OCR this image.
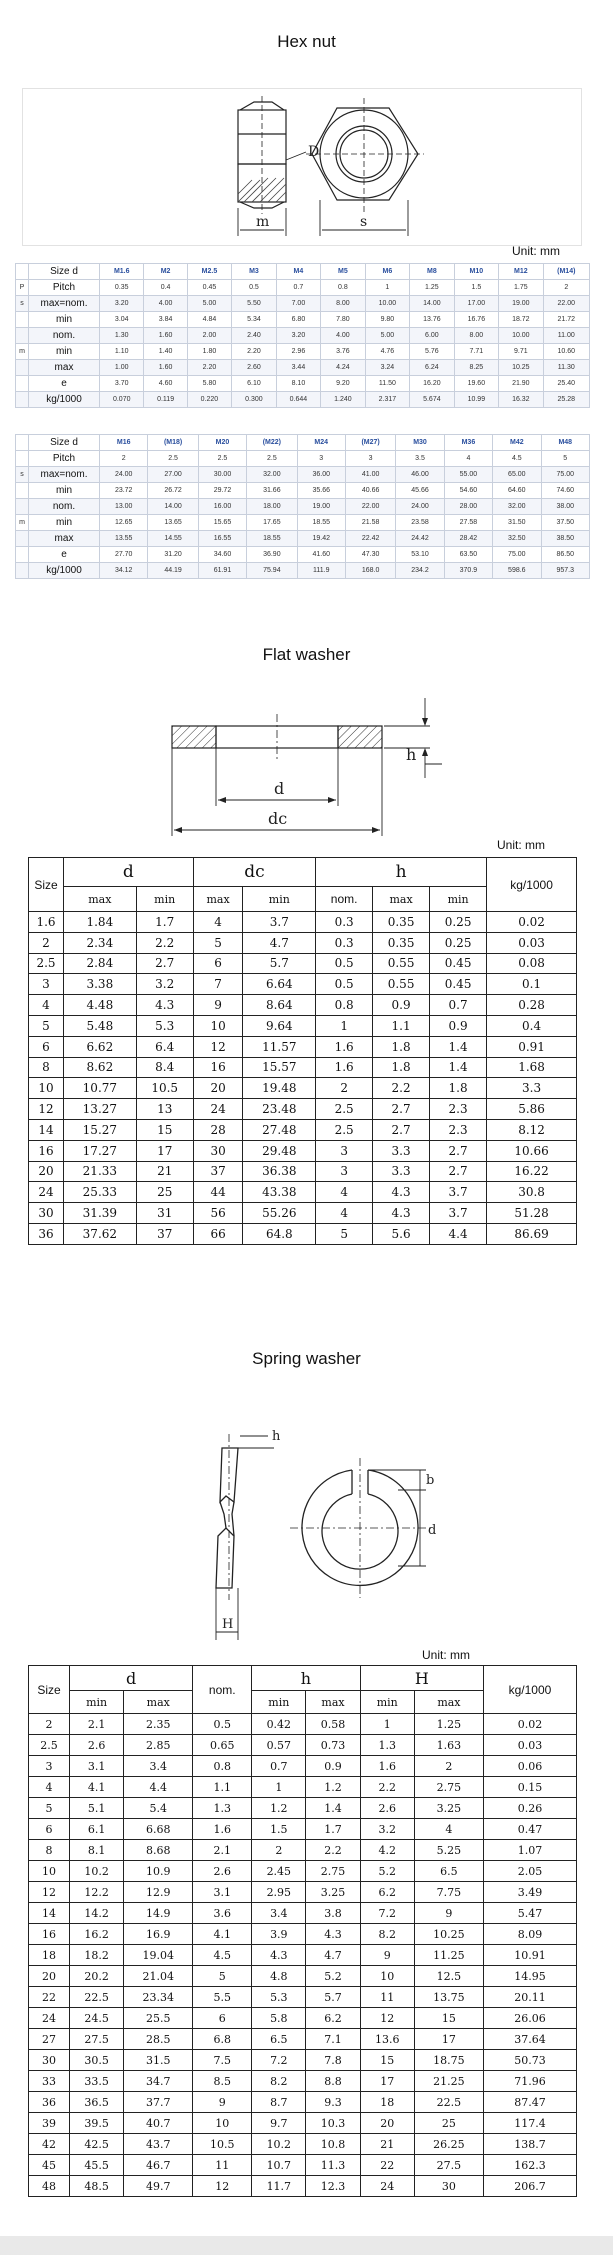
Hex nut
m
D
s
Unit: mm
	Size d	M1.6	M2	M2.5	M3	M4	M5	M6	M8	M10	M12	(M14)
P	Pitch	0.35	0.4	0.45	0.5	0.7	0.8	1	1.25	1.5	1.75	2
s	max=nom.	3.20	4.00	5.00	5.50	7.00	8.00	10.00	14.00	17.00	19.00	22.00
	min	3.04	3.84	4.84	5.34	6.80	7.80	9.80	13.76	16.76	18.72	21.72
	nom.	1.30	1.60	2.00	2.40	3.20	4.00	5.00	6.00	8.00	10.00	11.00
m	min	1.10	1.40	1.80	2.20	2.96	3.76	4.76	5.76	7.71	9.71	10.60
	max	1.00	1.60	2.20	2.60	3.44	4.24	3.24	6.24	8.25	10.25	11.30
	e	3.70	4.60	5.80	6.10	8.10	9.20	11.50	16.20	19.60	21.90	25.40
	kg/1000	0.070	0.119	0.220	0.300	0.644	1.240	2.317	5.674	10.99	16.32	25.28
	Size d	M16	(M18)	M20	(M22)	M24	(M27)	M30	M36	M42	M48
	Pitch	2	2.5	2.5	2.5	3	3	3.5	4	4.5	5
s	max=nom.	24.00	27.00	30.00	32.00	36.00	41.00	46.00	55.00	65.00	75.00
	min	23.72	26.72	29.72	31.66	35.66	40.66	45.66	54.60	64.60	74.60
	nom.	13.00	14.00	16.00	18.00	19.00	22.00	24.00	28.00	32.00	38.00
m	min	12.65	13.65	15.65	17.65	18.55	21.58	23.58	27.58	31.50	37.50
	max	13.55	14.55	16.55	18.55	19.42	22.42	24.42	28.42	32.50	38.50
	e	27.70	31.20	34.60	36.90	41.60	47.30	53.10	63.50	75.00	86.50
	kg/1000	34.12	44.19	61.91	75.94	111.9	168.0	234.2	370.9	598.6	957.3
Flat washer
d
dc
h
Unit: mm
Size	d		dc		h			kg/1000
	max	min	max	min	nom.	max	min	
1.6	1.84	1.7	4	3.7	0.3	0.35	0.25	0.02
2	2.34	2.2	5	4.7	0.3	0.35	0.25	0.03
2.5	2.84	2.7	6	5.7	0.5	0.55	0.45	0.08
3	3.38	3.2	7	6.64	0.5	0.55	0.45	0.1
4	4.48	4.3	9	8.64	0.8	0.9	0.7	0.28
5	5.48	5.3	10	9.64	1	1.1	0.9	0.4
6	6.62	6.4	12	11.57	1.6	1.8	1.4	0.91
8	8.62	8.4	16	15.57	1.6	1.8	1.4	1.68
10	10.77	10.5	20	19.48	2	2.2	1.8	3.3
12	13.27	13	24	23.48	2.5	2.7	2.3	5.86
14	15.27	15	28	27.48	2.5	2.7	2.3	8.12
16	17.27	17	30	29.48	3	3.3	2.7	10.66
20	21.33	21	37	36.38	3	3.3	2.7	16.22
24	25.33	25	44	43.38	4	4.3	3.7	30.8
30	31.39	31	56	55.26	4	4.3	3.7	51.28
36	37.62	37	66	64.8	5	5.6	4.4	86.69
Spring washer
h
H
b
d
Unit: mm
Size	d		nom.	h		H		kg/1000
	min	max		min	max	min	max	
2	2.1	2.35	0.5	0.42	0.58	1	1.25	0.02
2.5	2.6	2.85	0.65	0.57	0.73	1.3	1.63	0.03
3	3.1	3.4	0.8	0.7	0.9	1.6	2	0.06
4	4.1	4.4	1.1	1	1.2	2.2	2.75	0.15
5	5.1	5.4	1.3	1.2	1.4	2.6	3.25	0.26
6	6.1	6.68	1.6	1.5	1.7	3.2	4	0.47
8	8.1	8.68	2.1	2	2.2	4.2	5.25	1.07
10	10.2	10.9	2.6	2.45	2.75	5.2	6.5	2.05
12	12.2	12.9	3.1	2.95	3.25	6.2	7.75	3.49
14	14.2	14.9	3.6	3.4	3.8	7.2	9	5.47
16	16.2	16.9	4.1	3.9	4.3	8.2	10.25	8.09
18	18.2	19.04	4.5	4.3	4.7	9	11.25	10.91
20	20.2	21.04	5	4.8	5.2	10	12.5	14.95
22	22.5	23.34	5.5	5.3	5.7	11	13.75	20.11
24	24.5	25.5	6	5.8	6.2	12	15	26.06
27	27.5	28.5	6.8	6.5	7.1	13.6	17	37.64
30	30.5	31.5	7.5	7.2	7.8	15	18.75	50.73
33	33.5	34.7	8.5	8.2	8.8	17	21.25	71.96
36	36.5	37.7	9	8.7	9.3	18	22.5	87.47
39	39.5	40.7	10	9.7	10.3	20	25	117.4
42	42.5	43.7	10.5	10.2	10.8	21	26.25	138.7
45	45.5	46.7	11	10.7	11.3	22	27.5	162.3
48	48.5	49.7	12	11.7	12.3	24	30	206.7
